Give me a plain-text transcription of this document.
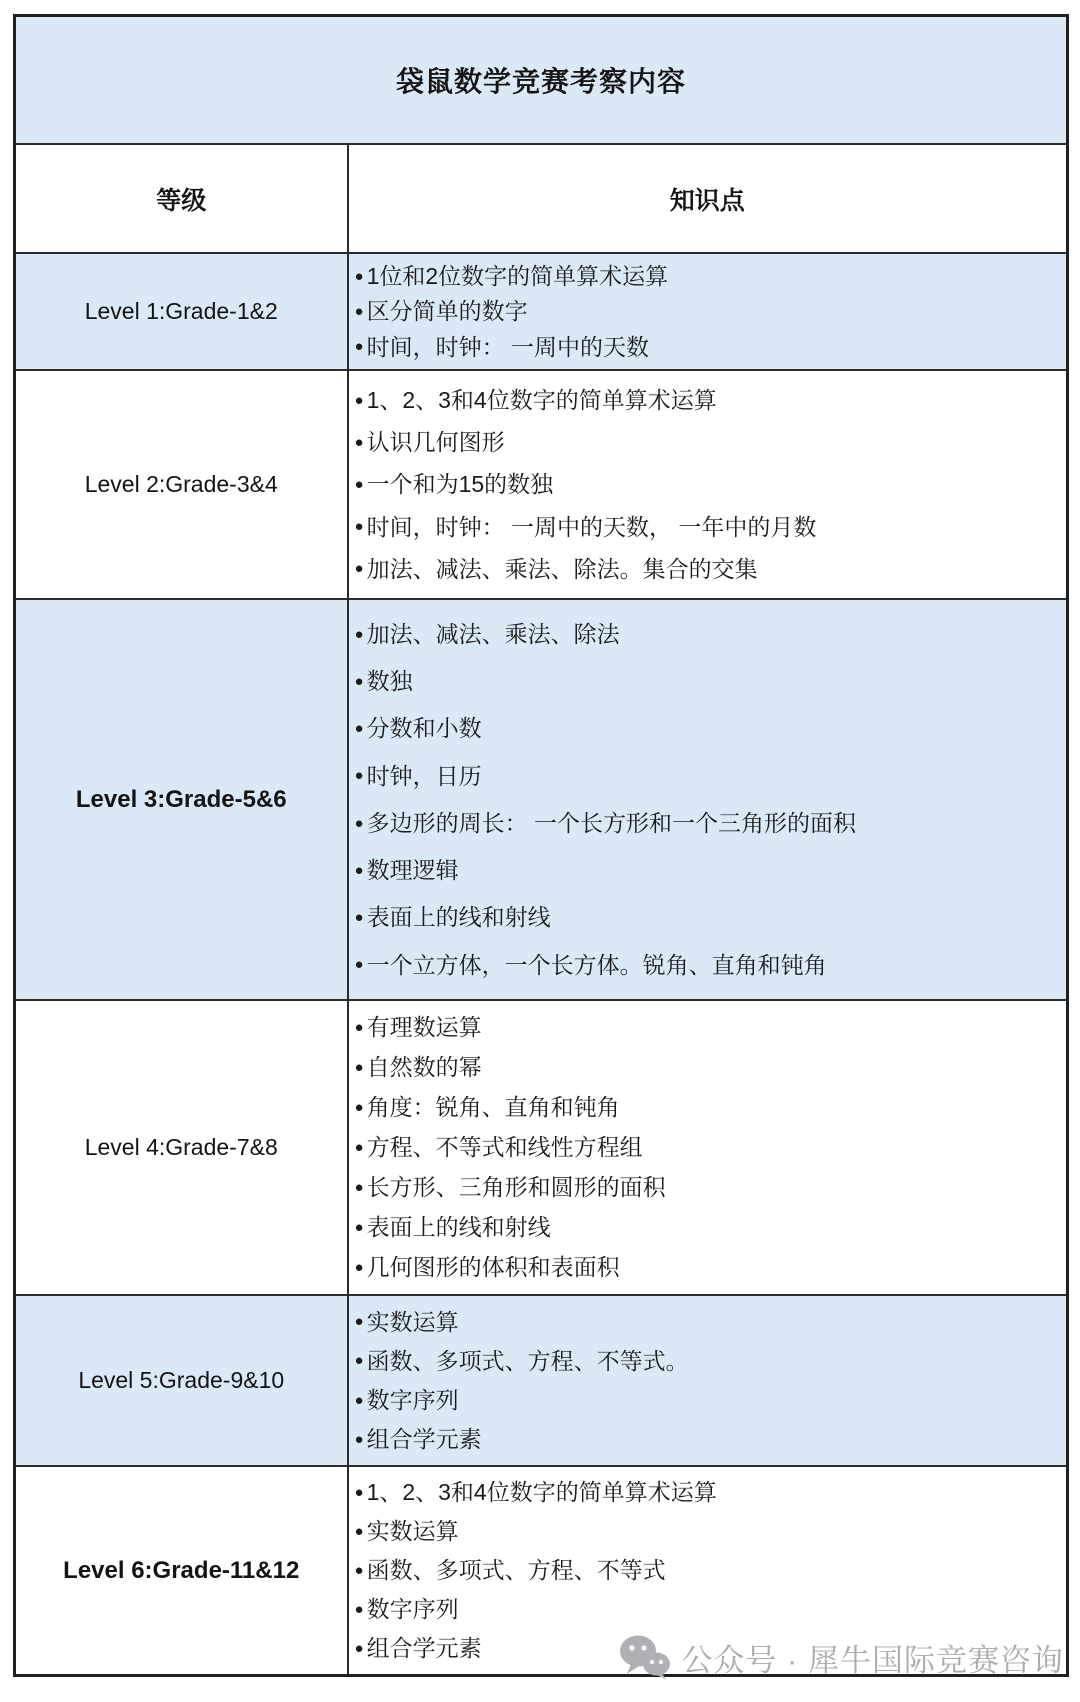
袋鼠数学竞赛考察内容	
等级	知识点
Level 1:Grade-1&2	
● 1位和2位数字的简单算术运算
● 区分简单的数字
● 时间，时钟： 一周中的天数

Level 2:Grade-3&4	
● 1、2、3和4位数字的简单算术运算
● 认识几何图形
● 一个和为15的数独
● 时间，时钟： 一周中的天数， 一年中的月数
● 加法、减法、乘法、除法。集合的交集

Level 3:Grade-5&6	
● 加法、减法、乘法、除法
● 数独
● 分数和小数
● 时钟，日历
● 多边形的周长： 一个长方形和一个三角形的面积
● 数理逻辑
● 表面上的线和射线
● 一个立方体，一个长方体。锐角、直角和钝角

Level 4:Grade-7&8	
● 有理数运算
● 自然数的幂
● 角度：锐角、直角和钝角
● 方程、不等式和线性方程组
● 长方形、三角形和圆形的面积
● 表面上的线和射线
● 几何图形的体积和表面积

Level 5:Grade-9&10	
● 实数运算
● 函数、多项式、方程、不等式。
● 数字序列
● 组合学元素

Level 6:Grade-11&12	
● 1、2、3和4位数字的简单算术运算
● 实数运算
● 函数、多项式、方程、不等式
● 数字序列
● 组合学元素	公众号 · 犀牛国际竞赛咨询
